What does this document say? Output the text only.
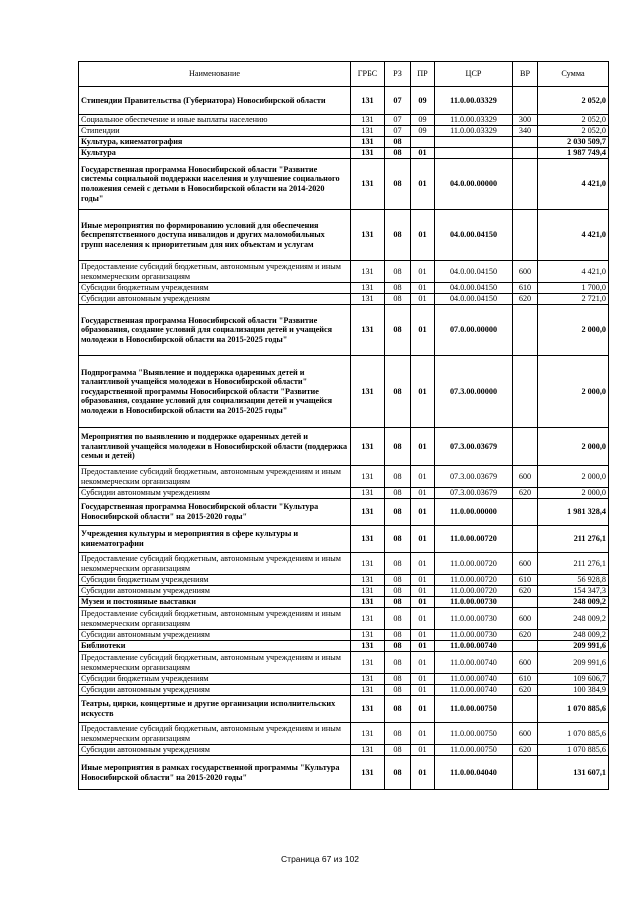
Наименование	ГРБС	РЗ	ПР	ЦСР	ВР	Сумма
Стипендии Правительства (Губернатора) Новосибирской области	131	07	09	11.0.00.03329		2 052,0
Социальное обеспечение и иные выплаты населению	131	07	09	11.0.00.03329	300	2 052,0
Стипендии	131	07	09	11.0.00.03329	340	2 052,0
Культура, кинематография	131	08				2 030 509,7
Культура	131	08	01			1 987 749,4
Государственная программа Новосибирской области "Развитие системы социальной поддержки населения и улучшение социального положения семей с детьми в Новосибирской области на 2014-2020 годы"	131	08	01	04.0.00.00000		4 421,0
Иные мероприятия по формированию условий для обеспечения беспрепятственного доступа инвалидов и других маломобильных групп населения к приоритетным для них объектам и услугам	131	08	01	04.0.00.04150		4 421,0
Предоставление субсидий бюджетным, автономным учреждениям и иным некоммерческим организациям	131	08	01	04.0.00.04150	600	4 421,0
Субсидии бюджетным учреждениям	131	08	01	04.0.00.04150	610	1 700,0
Субсидии автономным учреждениям	131	08	01	04.0.00.04150	620	2 721,0
Государственная программа Новосибирской области "Развитие образования, создание условий для социализации детей и учащейся молодежи в Новосибирской области на 2015-2025 годы"	131	08	01	07.0.00.00000		2 000,0
Подпрограмма "Выявление и поддержка одаренных детей и талантливой учащейся молодежи в Новосибирской области" государственной программы Новосибирской области "Развитие образования, создание условий для социализации детей и учащейся молодежи в Новосибирской области на 2015-2025 годы"	131	08	01	07.3.00.00000		2 000,0
Мероприятия по выявлению и поддержке одаренных детей и талантливой учащейся молодежи в Новосибирской области (поддержка семьи и детей)	131	08	01	07.3.00.03679		2 000,0
Предоставление субсидий бюджетным, автономным учреждениям и иным некоммерческим организациям	131	08	01	07.3.00.03679	600	2 000,0
Субсидии автономным учреждениям	131	08	01	07.3.00.03679	620	2 000,0
Государственная программа Новосибирской области "Культура Новосибирской области" на 2015-2020 годы"	131	08	01	11.0.00.00000		1 981 328,4
Учреждения культуры и мероприятия в сфере культуры и кинематографии	131	08	01	11.0.00.00720		211 276,1
Предоставление субсидий бюджетным, автономным учреждениям и иным некоммерческим организациям	131	08	01	11.0.00.00720	600	211 276,1
Субсидии бюджетным учреждениям	131	08	01	11.0.00.00720	610	56 928,8
Субсидии автономным учреждениям	131	08	01	11.0.00.00720	620	154 347,3
Музеи и постоянные выставки	131	08	01	11.0.00.00730		248 009,2
Предоставление субсидий бюджетным, автономным учреждениям и иным некоммерческим организациям	131	08	01	11.0.00.00730	600	248 009,2
Субсидии автономным учреждениям	131	08	01	11.0.00.00730	620	248 009,2
Библиотеки	131	08	01	11.0.00.00740		209 991,6
Предоставление субсидий бюджетным, автономным учреждениям и иным некоммерческим организациям	131	08	01	11.0.00.00740	600	209 991,6
Субсидии бюджетным учреждениям	131	08	01	11.0.00.00740	610	109 606,7
Субсидии автономным учреждениям	131	08	01	11.0.00.00740	620	100 384,9
Театры, цирки, концертные и другие организации исполнительских искусств	131	08	01	11.0.00.00750		1 070 885,6
Предоставление субсидий бюджетным, автономным учреждениям и иным некоммерческим организациям	131	08	01	11.0.00.00750	600	1 070 885,6
Субсидии автономным учреждениям	131	08	01	11.0.00.00750	620	1 070 885,6
Иные мероприятия в рамках государственной программы "Культура Новосибирской области" на 2015-2020 годы"	131	08	01	11.0.00.04040		131 607,1
Страница 67 из 102
